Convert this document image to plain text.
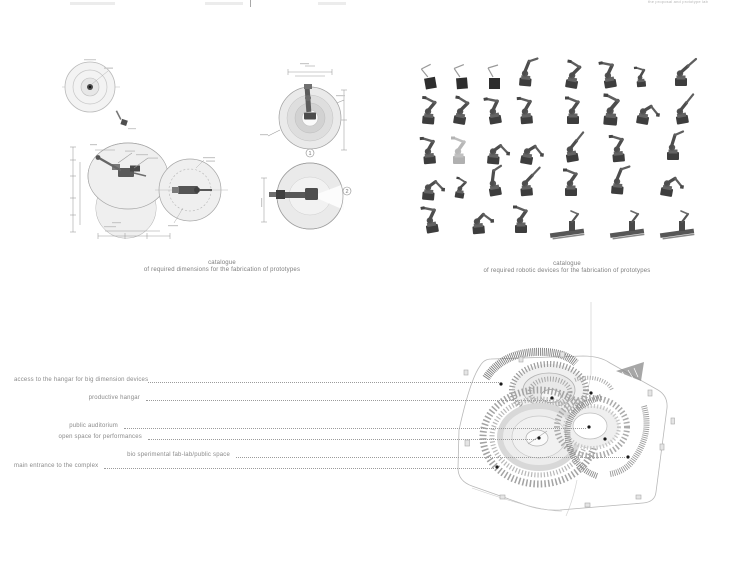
the proposal and prototype lab
1
2
catalogue
of required dimensions for the fabrication of prototypes
catalogue
of required robotic devices for the fabrication of prototypes
access to the hangar for big dimension devices
productive hangar
public auditorium
open space for performances
bio sperimental fab-lab/public space
main entrance to the complex
